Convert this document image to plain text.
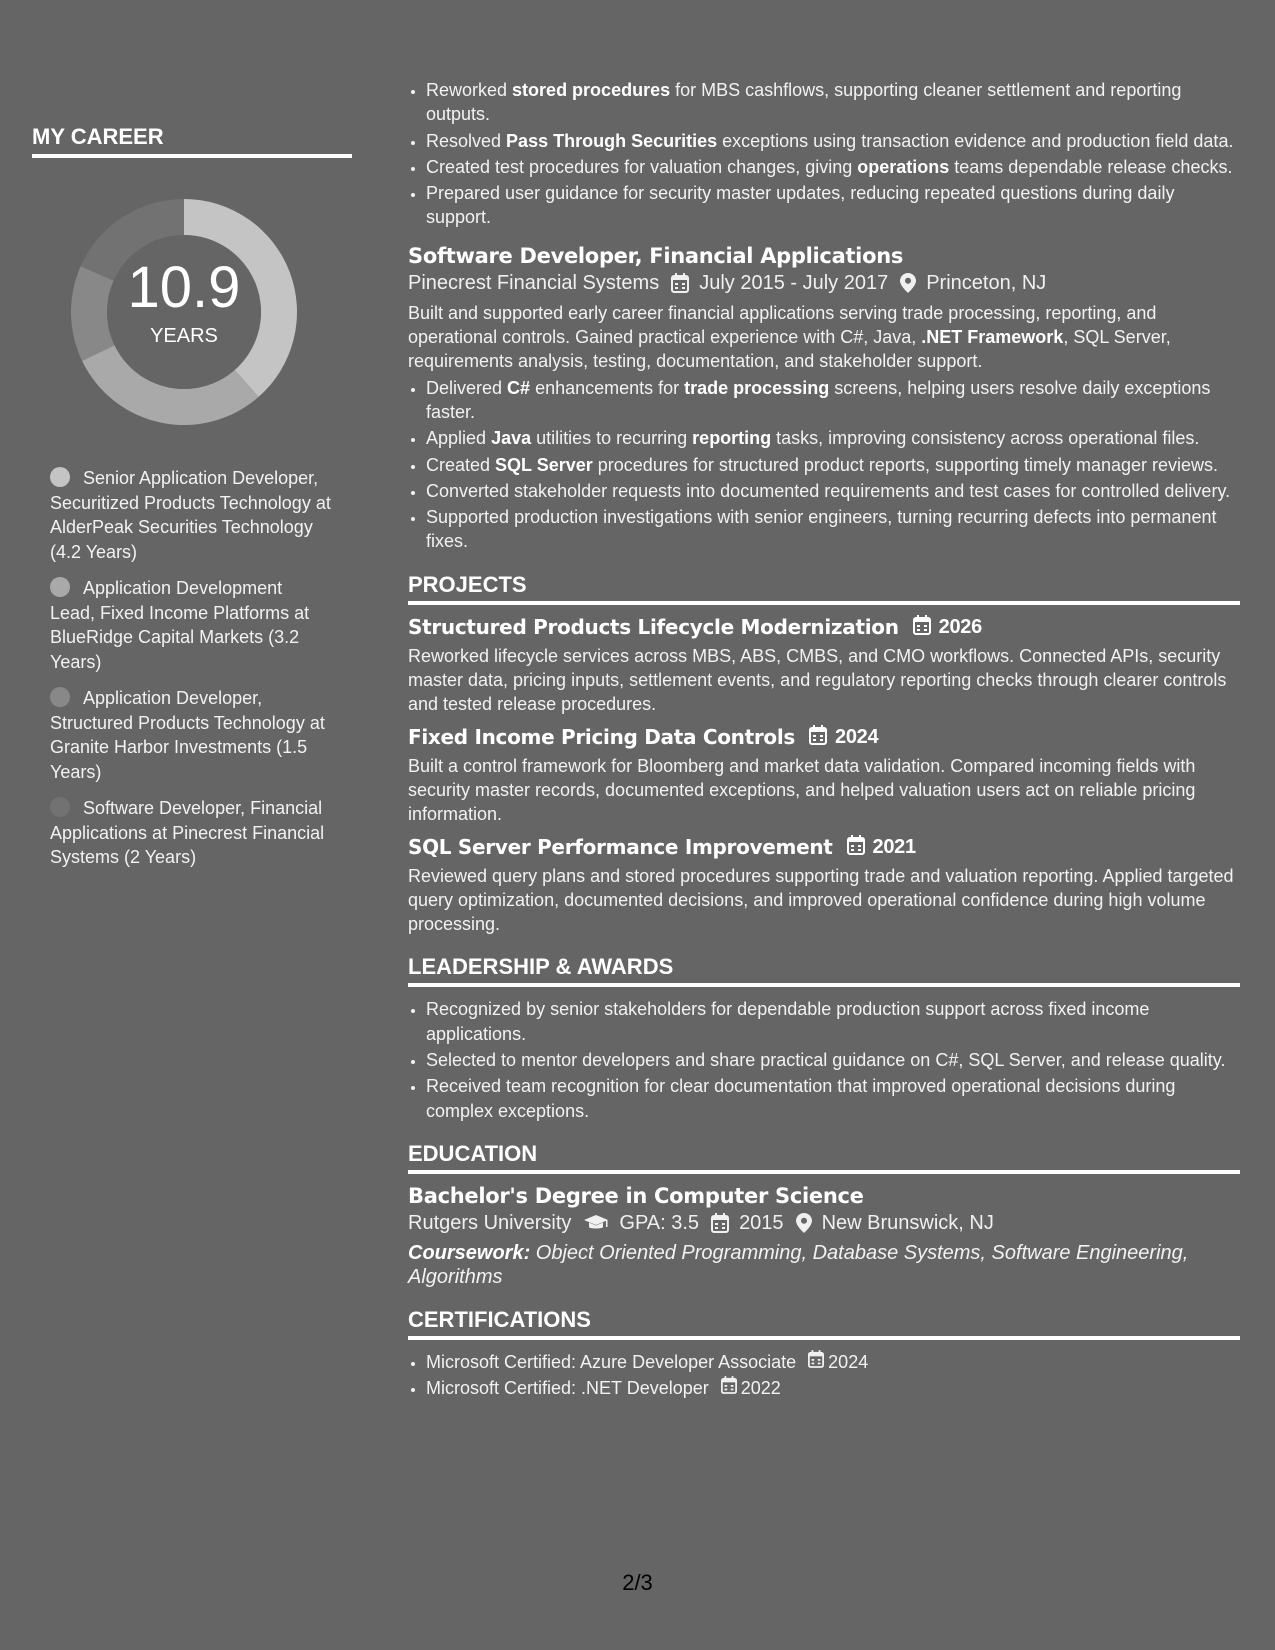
MY CAREER
10.9
YEARS
Senior Application Developer, Securitized Products Technology at AlderPeak Securities Technology (4.2 Years)
Application Development Lead, Fixed Income Platforms at BlueRidge Capital Markets (3.2 Years)
Application Developer, Structured Products Technology at Granite Harbor Investments (1.5 Years)
Software Developer, Financial Applications at Pinecrest Financial Systems (2 Years)
• Reworked stored procedures for MBS cashflows, supporting cleaner settlement and reporting outputs.
• Resolved Pass Through Securities exceptions using transaction evidence and production field data.
• Created test procedures for valuation changes, giving operations teams dependable release checks.
• Prepared user guidance for security master updates, reducing repeated questions during daily support.
Software Developer, Financial Applications
Pinecrest Financial Systems July 2015 - July 2017 Princeton, NJ

Built and supported early career financial applications serving trade processing, reporting, and operational controls. Gained practical experience with C#, Java, .NET Framework, SQL Server, requirements analysis, testing, documentation, and stakeholder support.

• Delivered C# enhancements for trade processing screens, helping users resolve daily exceptions faster.
• Applied Java utilities to recurring reporting tasks, improving consistency across operational files.
• Created SQL Server procedures for structured product reports, supporting timely manager reviews.
• Converted stakeholder requests into documented requirements and test cases for controlled delivery.
• Supported production investigations with senior engineers, turning recurring defects into permanent fixes.
PROJECTS
Structured Products Lifecycle Modernization 2026

Reworked lifecycle services across MBS, ABS, CMBS, and CMO workflows. Connected APIs, security master data, pricing inputs, settlement events, and regulatory reporting checks through clearer controls and tested release procedures.

Fixed Income Pricing Data Controls 2024

Built a control framework for Bloomberg and market data validation. Compared incoming fields with security master records, documented exceptions, and helped valuation users act on reliable pricing information.

SQL Server Performance Improvement 2021

Reviewed query plans and stored procedures supporting trade and valuation reporting. Applied targeted query optimization, documented decisions, and improved operational confidence during high volume processing.

LEADERSHIP & AWARDS
• Recognized by senior stakeholders for dependable production support across fixed income applications.
• Selected to mentor developers and share practical guidance on C#, SQL Server, and release quality.
• Received team recognition for clear documentation that improved operational decisions during complex exceptions.
EDUCATION
Bachelor's Degree in Computer Science
Rutgers University GPA: 3.5 2015 New Brunswick, NJ
Coursework: Object Oriented Programming, Database Systems, Software Engineering, Algorithms
CERTIFICATIONS
• Microsoft Certified: Azure Developer Associate 2024
• Microsoft Certified: .NET Developer 2022
2/3
